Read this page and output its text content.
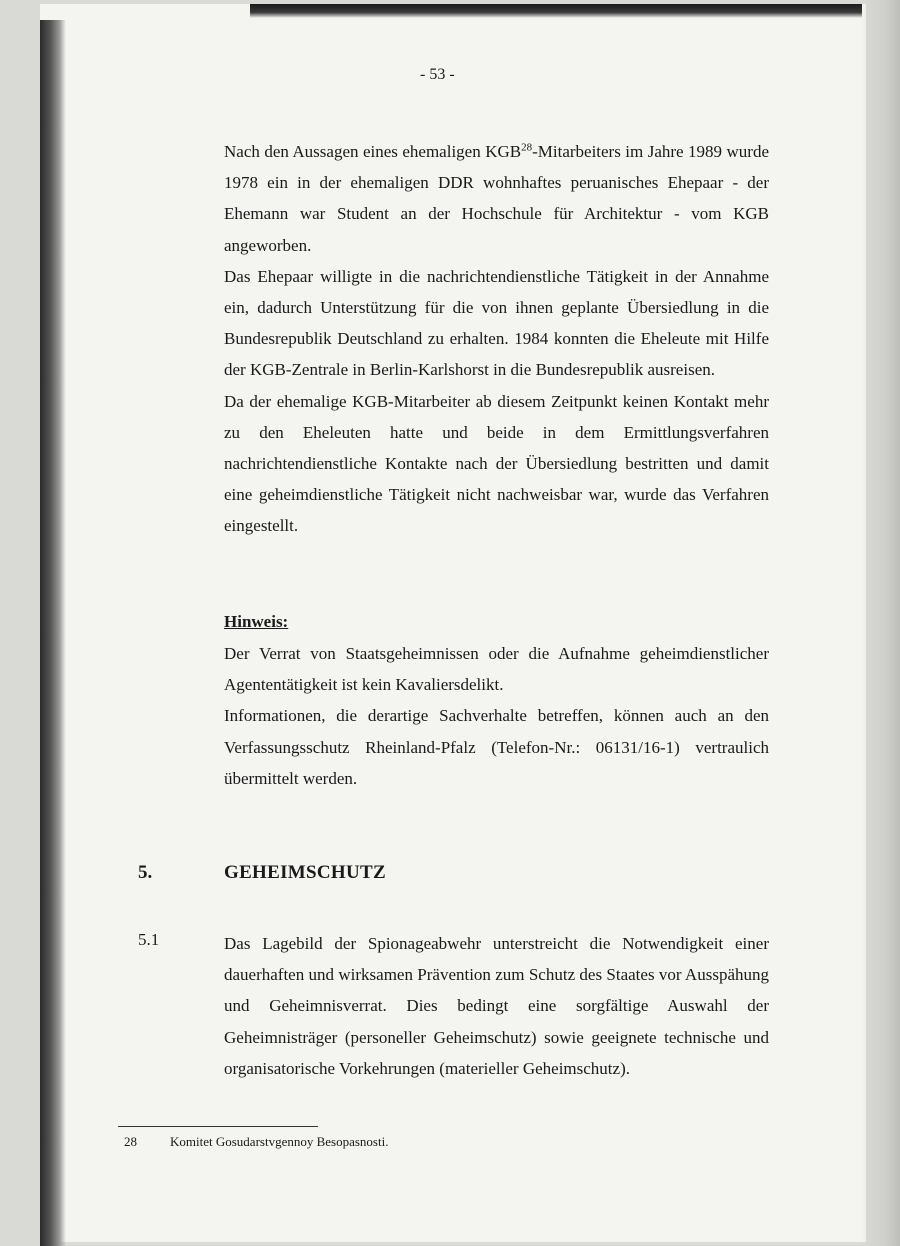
- 53 -

Nach den Aussagen eines ehemaligen KGB$^{28}$-Mitarbeiters im Jahre 1989 wurde 1978 ein in der ehemaligen DDR wohnhaftes peruanisches Ehepaar - der Ehemann war Student an der Hochschule für Architektur - vom KGB angeworben.

Das Ehepaar willigte in die nachrichtendienstliche Tätigkeit in der Annahme ein, dadurch Unterstützung für die von ihnen geplante Übersiedlung in die Bundesrepublik Deutschland zu erhalten. 1984 konnten die Eheleute mit Hilfe der KGB-Zentrale in Berlin-Karlshorst in die Bundesrepublik ausreisen.

Da der ehemalige KGB-Mitarbeiter ab diesem Zeitpunkt keinen Kontakt mehr zu den Eheleuten hatte und beide in dem Ermittlungsverfahren nachrichtendienstliche Kontakte nach der Übersiedlung bestritten und damit eine geheimdienstliche Tätigkeit nicht nachweisbar war, wurde das Verfahren eingestellt.

Hinweis:

Der Verrat von Staatsgeheimnissen oder die Aufnahme geheimdienstlicher Agententätigkeit ist kein Kavaliersdelikt.

Informationen, die derartige Sachverhalte betreffen, können auch an den Verfassungsschutz Rheinland-Pfalz (Telefon-Nr.: 06131/16-1) vertraulich übermittelt werden.

5.	GEHEIMSCHUTZ
5.1	Das Lagebild der Spionageabwehr unterstreicht die Notwendigkeit einer dauerhaften und wirksamen Prävention zum Schutz des Staates vor Ausspähung und Geheimnisverrat. Dies bedingt eine sorgfältige Auswahl der Geheimnisträger (personeller Geheimschutz) sowie geeignete technische und organisatorische Vorkehrungen (materieller Geheimschutz).

28	Komitet Gosudarstvgennoy Besopasnosti.
